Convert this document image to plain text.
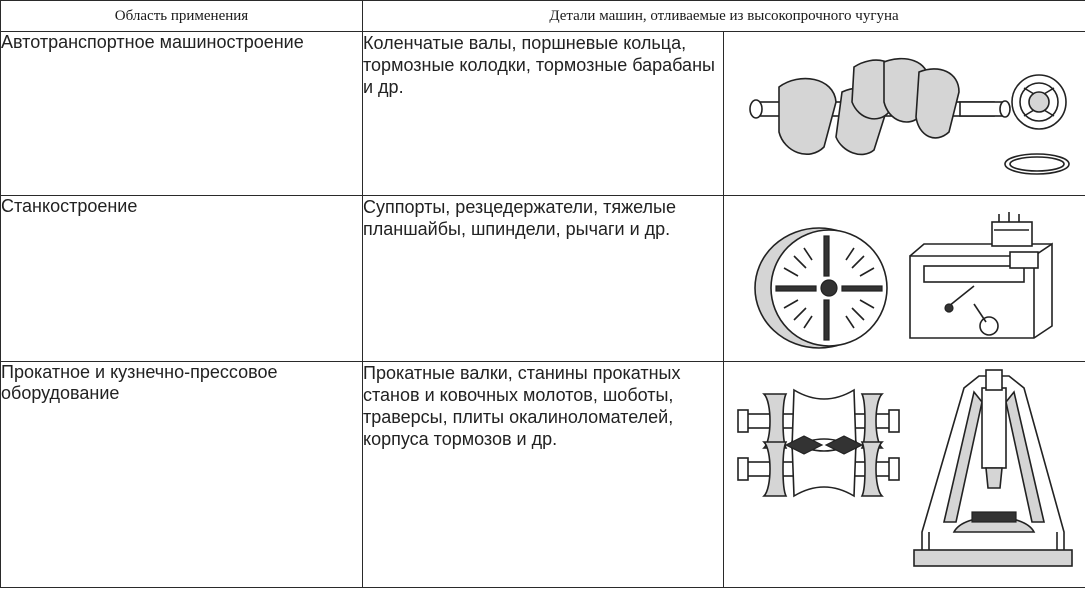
Область применения	Детали машин, отливаемые из высокопрочного чугуна	
Автотранспортное машиностроение	Коленчатые валы, поршневые кольца, тормозные колодки, тормозные барабаны и др.	

Станкостроение	Суппорты, резцедержатели, тяжелые планшайбы, шпиндели, рычаги и др.	

Прокатное и кузнечно-прессовое оборудование	Прокатные валки, станины прокатных станов и ковочных молотов, шоботы, траверсы, плиты окалиноломателей, корпуса тормозов и др.	
